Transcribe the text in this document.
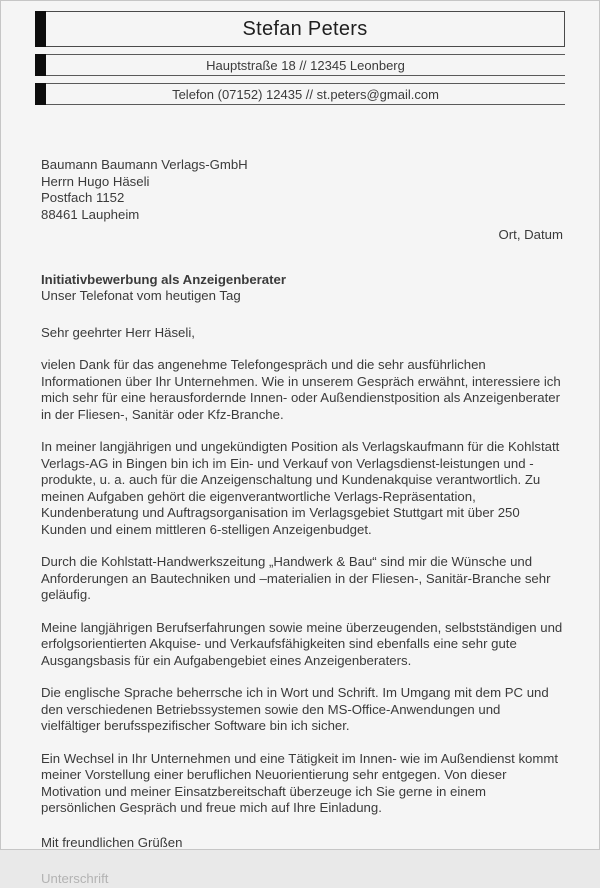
Stefan Peters
Hauptstraße 18 // 12345 Leonberg
Telefon (07152) 12435 // st.peters@gmail.com
Baumann Baumann Verlags-GmbH
Herrn Hugo Häseli
Postfach 1152
88461 Laupheim
Ort, Datum
Initiativbewerbung als Anzeigenberater
Unser Telefonat vom heutigen Tag
Sehr geehrter Herr Häseli,

vielen Dank für das angenehme Telefongespräch und die sehr ausführlichen Informationen über Ihr Unternehmen. Wie in unserem Gespräch erwähnt, interessiere ich mich sehr für eine herausfordernde Innen- oder Außendienstposition als Anzeigenberater in der Fliesen-, Sanitär oder Kfz-Branche.

In meiner langjährigen und ungekündigten Position als Verlagskaufmann für die Kohlstatt Verlags-AG in Bingen bin ich im Ein- und Verkauf von Verlagsdienst-leistungen und -produkte, u. a. auch für die Anzeigenschaltung und Kundenakquise verantwortlich. Zu meinen Aufgaben gehört die eigenverantwortliche Verlags-Repräsentation, Kundenberatung und Auftragsorganisation im Verlagsgebiet Stuttgart mit über 250 Kunden und einem mittleren 6-stelligen Anzeigenbudget.

Durch die Kohlstatt-Handwerkszeitung „Handwerk & Bau“ sind mir die Wünsche und Anforderungen an Bautechniken und –materialien in der Fliesen-, Sanitär-Branche sehr geläufig.

Meine langjährigen Berufserfahrungen sowie meine überzeugenden, selbstständigen und erfolgsorientierten Akquise- und Verkaufsfähigkeiten sind ebenfalls eine sehr gute Ausgangsbasis für ein Aufgabengebiet eines Anzeigenberaters.

Die englische Sprache beherrsche ich in Wort und Schrift. Im Umgang mit dem PC und den verschiedenen Betriebssystemen sowie den MS-Office-Anwendungen und vielfältiger berufsspezifischer Software bin ich sicher.

Ein Wechsel in Ihr Unternehmen und eine Tätigkeit im Innen- wie im Außendienst kommt meiner Vorstellung einer beruflichen Neuorientierung sehr entgegen. Von dieser Motivation und meiner Einsatzbereitschaft überzeuge ich Sie gerne in einem persönlichen Gespräch und freue mich auf Ihre Einladung.

Mit freundlichen Grüßen
Unterschrift
